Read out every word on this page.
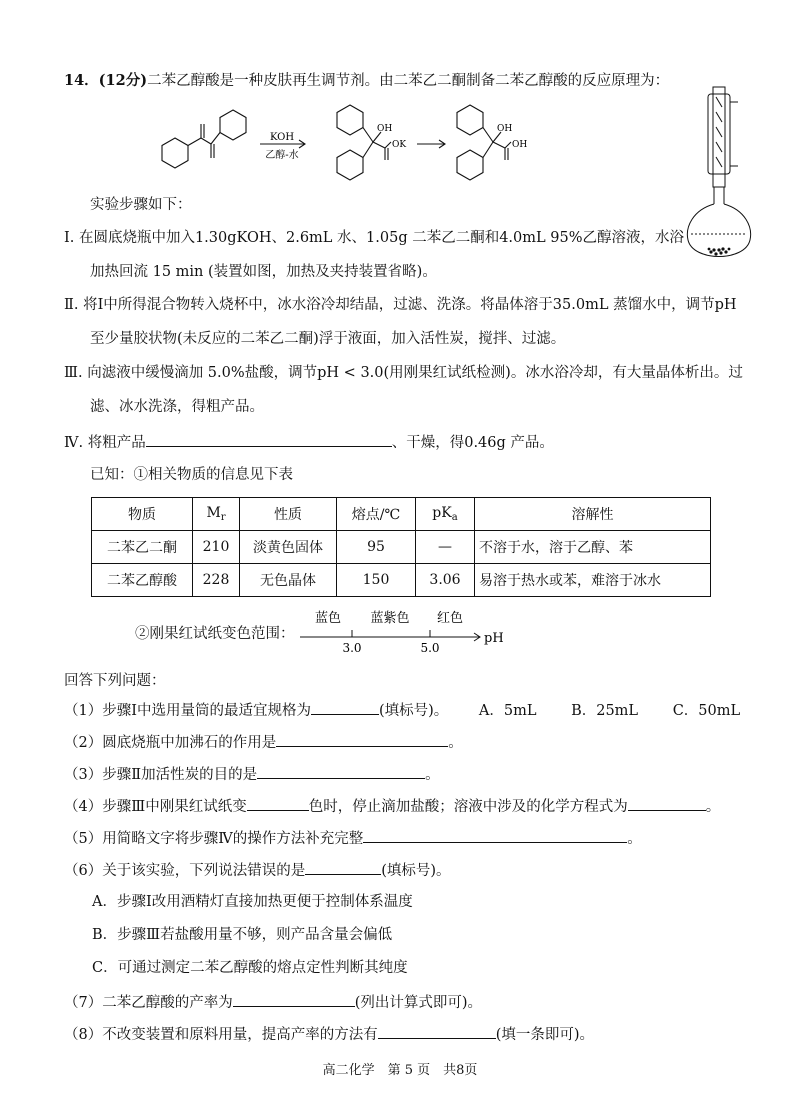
14．(12分)二苯乙醇酸是一种皮肤再生调节剂。由二苯乙二酮制备二苯乙醇酸的反应原理为：
KOH
乙醇-水
OH
OK
OH
OH
实验步骤如下：
Ⅰ. 在圆底烧瓶中加入1.30gKOH、2.6mL 水、1.05g 二苯乙二酮和4.0mL 95%乙醇溶液，水浴
加热回流 15 min (装置如图，加热及夹持装置省略)。
Ⅱ. 将Ⅰ中所得混合物转入烧杯中，冰水浴冷却结晶，过滤、洗涤。将晶体溶于35.0mL 蒸馏水中，调节pH
至少量胶状物(未反应的二苯乙二酮)浮于液面，加入活性炭，搅拌、过滤。
Ⅲ. 向滤液中缓慢滴加 5.0%盐酸，调节pH < 3.0(用刚果红试纸检测)。冰水浴冷却，有大量晶体析出。过
滤、冰水洗涤，得粗产品。
Ⅳ. 将粗产品	、干燥，得0.46g 产品。
已知：①相关物质的信息见下表
物质	$M_r$	性质	熔点/℃	$pK_a$	溶解性
二苯乙二酮	210	淡黄色固体	95	—	不溶于水，溶于乙醇、苯
二苯乙醇酸	228	无色晶体	150	3.06	易溶于热水或苯，难溶于冰水
②刚果红试纸变色范围：
蓝色 蓝紫色 红色
3.0	5.0
pH
回答下列问题：
（1）步骤Ⅰ中选用量筒的最适宜规格为	(填标号)。 A．5mL B．25mL C．50mL
（2）圆底烧瓶中加沸石的作用是	。
（3）步骤Ⅱ加活性炭的目的是	。
（4）步骤Ⅲ中刚果红试纸变	色时，停止滴加盐酸；溶液中涉及的化学方程式为	。
（5）用简略文字将步骤Ⅳ的操作方法补充完整	。
（6）关于该实验，下列说法错误的是	(填标号)。
A．步骤Ⅰ改用酒精灯直接加热更便于控制体系温度
B．步骤Ⅲ若盐酸用量不够，则产品含量会偏低
C．可通过测定二苯乙醇酸的熔点定性判断其纯度
（7）二苯乙醇酸的产率为	(列出计算式即可)。
（8）不改变装置和原料用量，提高产率的方法有	(填一条即可)。
高二化学　第 5 页　共8页
